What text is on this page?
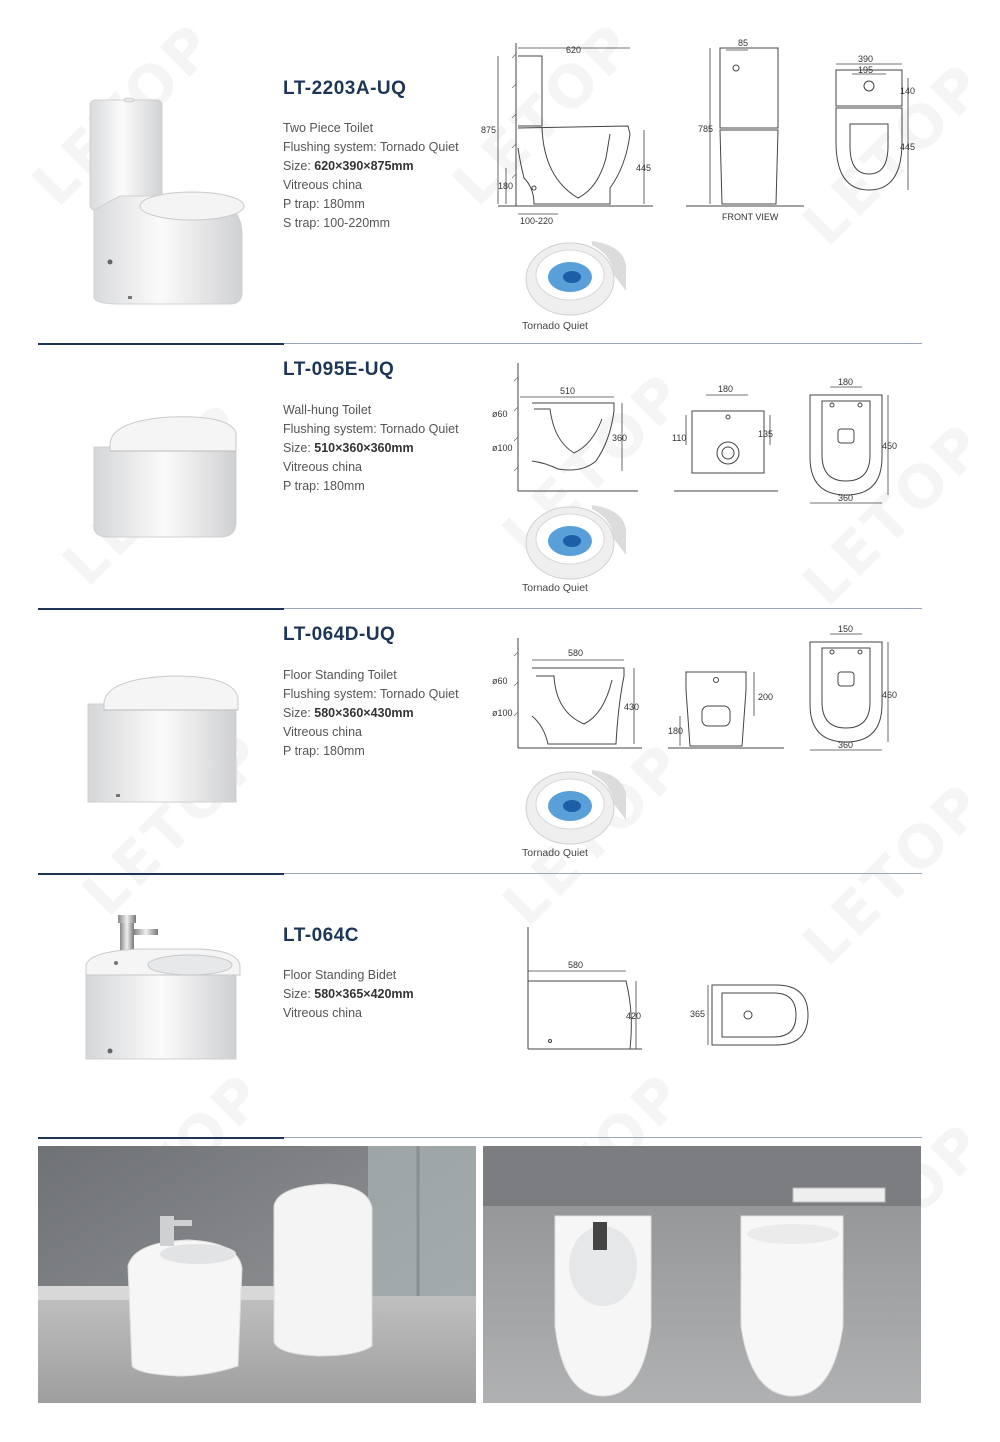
LT-2203A-UQ
Two Piece Toilet
Flushing system: Tornado Quiet
Size: 620×390×875mm
Vitreous china
P trap: 180mm
S trap: 100-220mm
620
875
445
180
100-220
85
785
FRONT VIEW
390
195
140
445
Tornado Quiet
LT-095E-UQ
Wall-hung Toilet
Flushing system: Tornado Quiet
Size: 510×360×360mm
Vitreous china
P trap: 180mm
510
360
ø60
ø100
180
110	135
180
450
360
Tornado Quiet
LT-064D-UQ
Floor Standing Toilet
Flushing system: Tornado Quiet
Size: 580×360×430mm
Vitreous china
P trap: 180mm
580
430
ø60
ø100
200
180
150
460
360
Tornado Quiet
LT-064C
Floor Standing Bidet
Size: 580×365×420mm
Vitreous china
580
420	365
